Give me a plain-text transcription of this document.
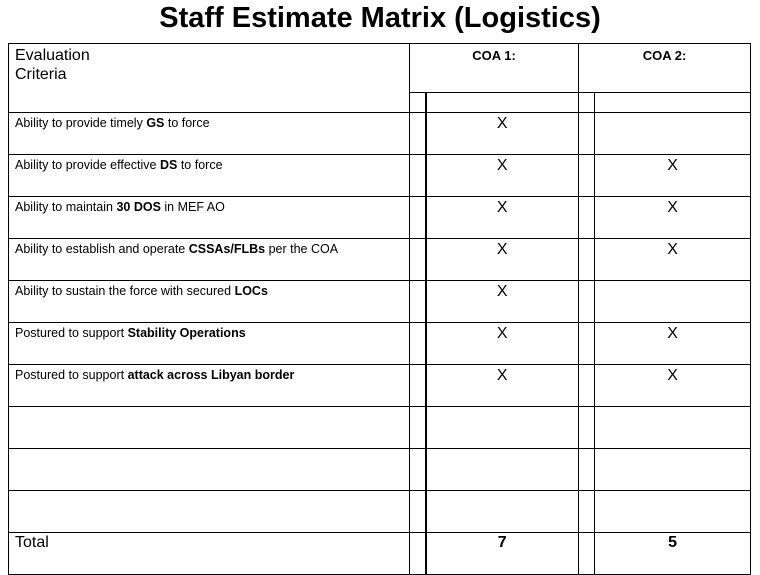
Staff Estimate Matrix (Logistics)
Evaluation
Criteria	COA 1:		COA 2:	

Ability to provide timely GS to force		X		
Ability to provide effective DS to force		X		X
Ability to maintain 30 DOS in MEF AO		X		X
Ability to establish and operate CSSAs/FLBs per the COA		X		X
Ability to sustain the force with secured LOCs		X		
Postured to support Stability Operations		X		X
Postured to support attack across Libyan border		X		X

Total		7		5
